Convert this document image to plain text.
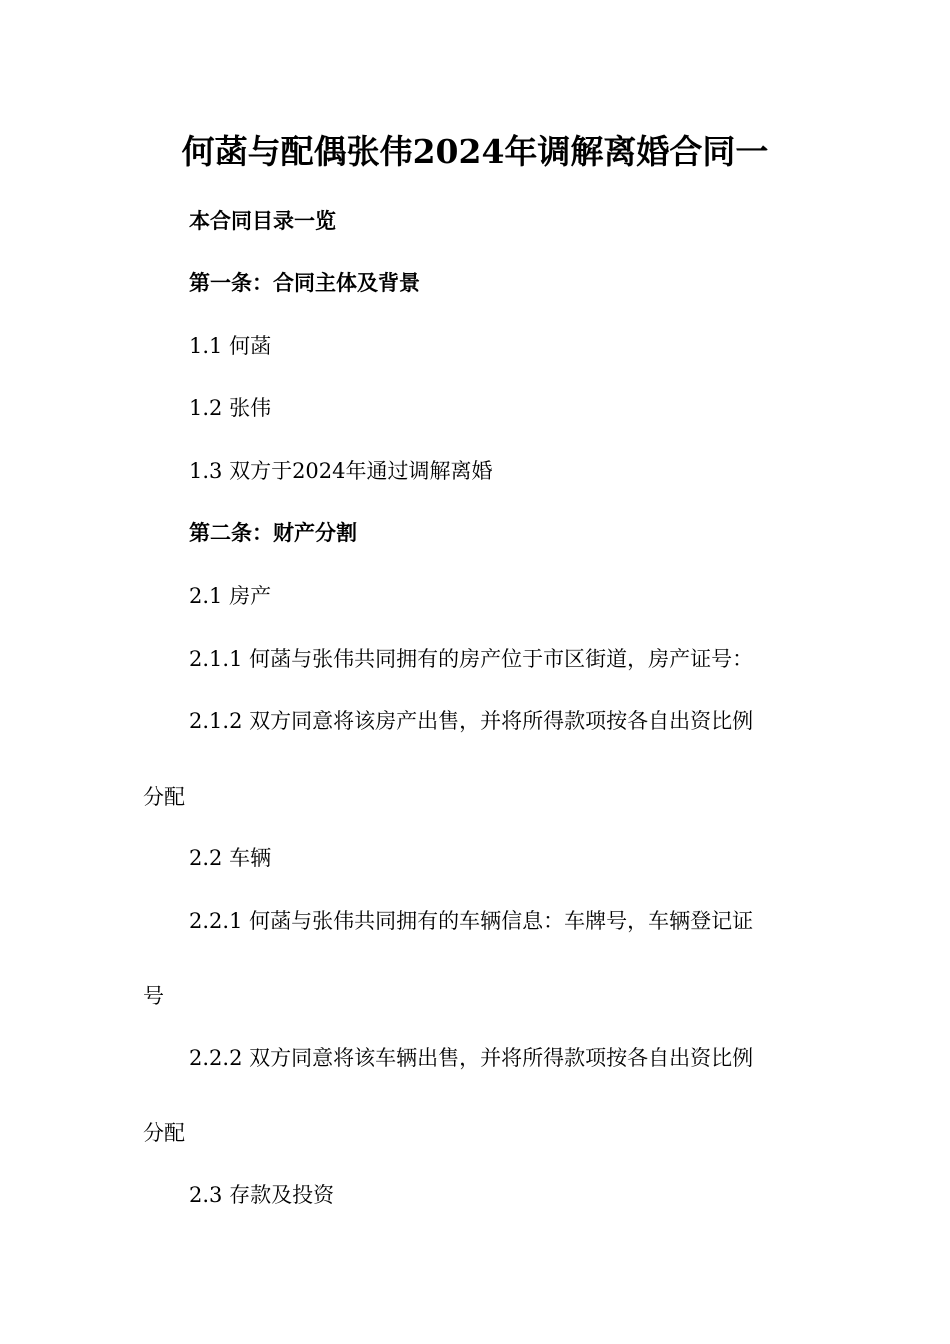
何菡与配偶张伟2024年调解离婚合同一
本合同目录一览
第一条：合同主体及背景
1.1 何菡
1.2 张伟
1.3 双方于2024年通过调解离婚
第二条：财产分割
2.1 房产
2.1.1 何菡与张伟共同拥有的房产位于市区街道，房产证号：
2.1.2 双方同意将该房产出售，并将所得款项按各自出资比例
分配
2.2 车辆
2.2.1 何菡与张伟共同拥有的车辆信息：车牌号，车辆登记证
号
2.2.2 双方同意将该车辆出售，并将所得款项按各自出资比例
分配
2.3 存款及投资
